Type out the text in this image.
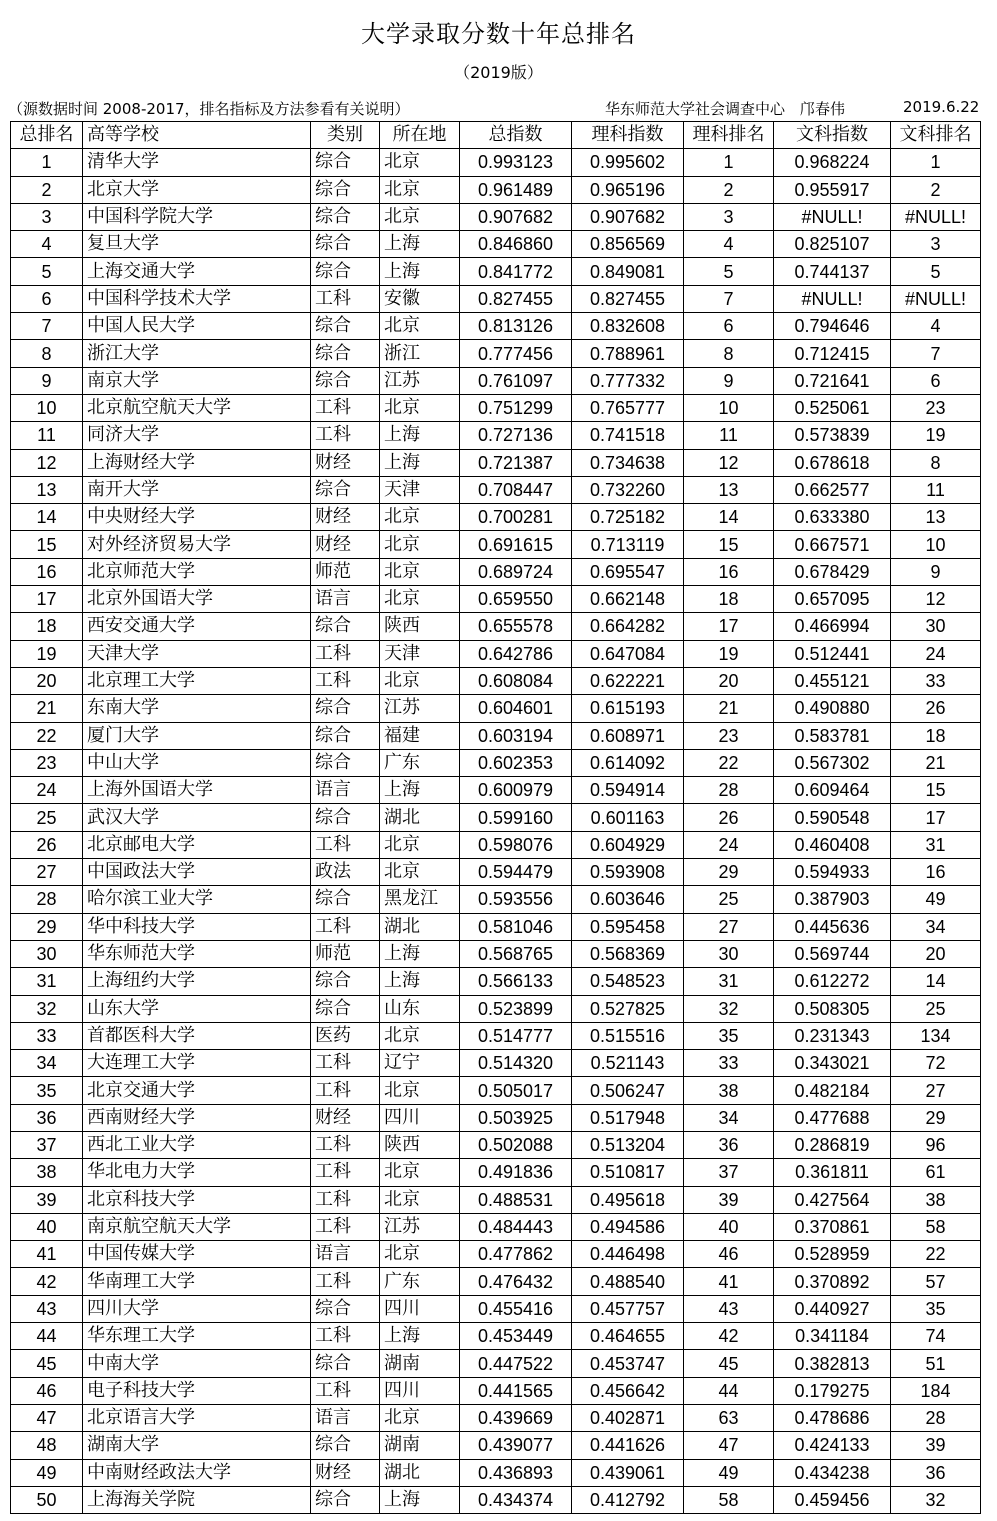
大学录取分数十年总排名
（2019版）
（源数据时间 2008-2017，排名指标及方法参看有关说明）	华东师范大学社会调查中心　邝春伟	2019.6.22
总排名	高等学校	类别	所在地	总指数	理科指数	理科排名	文科指数	文科排名
1	清华大学	综合	北京	0.993123	0.995602	1	0.968224	1
2	北京大学	综合	北京	0.961489	0.965196	2	0.955917	2
3	中国科学院大学	综合	北京	0.907682	0.907682	3	#NULL!	#NULL!
4	复旦大学	综合	上海	0.846860	0.856569	4	0.825107	3
5	上海交通大学	综合	上海	0.841772	0.849081	5	0.744137	5
6	中国科学技术大学	工科	安徽	0.827455	0.827455	7	#NULL!	#NULL!
7	中国人民大学	综合	北京	0.813126	0.832608	6	0.794646	4
8	浙江大学	综合	浙江	0.777456	0.788961	8	0.712415	7
9	南京大学	综合	江苏	0.761097	0.777332	9	0.721641	6
10	北京航空航天大学	工科	北京	0.751299	0.765777	10	0.525061	23
11	同济大学	工科	上海	0.727136	0.741518	11	0.573839	19
12	上海财经大学	财经	上海	0.721387	0.734638	12	0.678618	8
13	南开大学	综合	天津	0.708447	0.732260	13	0.662577	11
14	中央财经大学	财经	北京	0.700281	0.725182	14	0.633380	13
15	对外经济贸易大学	财经	北京	0.691615	0.713119	15	0.667571	10
16	北京师范大学	师范	北京	0.689724	0.695547	16	0.678429	9
17	北京外国语大学	语言	北京	0.659550	0.662148	18	0.657095	12
18	西安交通大学	综合	陕西	0.655578	0.664282	17	0.466994	30
19	天津大学	工科	天津	0.642786	0.647084	19	0.512441	24
20	北京理工大学	工科	北京	0.608084	0.622221	20	0.455121	33
21	东南大学	综合	江苏	0.604601	0.615193	21	0.490880	26
22	厦门大学	综合	福建	0.603194	0.608971	23	0.583781	18
23	中山大学	综合	广东	0.602353	0.614092	22	0.567302	21
24	上海外国语大学	语言	上海	0.600979	0.594914	28	0.609464	15
25	武汉大学	综合	湖北	0.599160	0.601163	26	0.590548	17
26	北京邮电大学	工科	北京	0.598076	0.604929	24	0.460408	31
27	中国政法大学	政法	北京	0.594479	0.593908	29	0.594933	16
28	哈尔滨工业大学	综合	黑龙江	0.593556	0.603646	25	0.387903	49
29	华中科技大学	工科	湖北	0.581046	0.595458	27	0.445636	34
30	华东师范大学	师范	上海	0.568765	0.568369	30	0.569744	20
31	上海纽约大学	综合	上海	0.566133	0.548523	31	0.612272	14
32	山东大学	综合	山东	0.523899	0.527825	32	0.508305	25
33	首都医科大学	医药	北京	0.514777	0.515516	35	0.231343	134
34	大连理工大学	工科	辽宁	0.514320	0.521143	33	0.343021	72
35	北京交通大学	工科	北京	0.505017	0.506247	38	0.482184	27
36	西南财经大学	财经	四川	0.503925	0.517948	34	0.477688	29
37	西北工业大学	工科	陕西	0.502088	0.513204	36	0.286819	96
38	华北电力大学	工科	北京	0.491836	0.510817	37	0.361811	61
39	北京科技大学	工科	北京	0.488531	0.495618	39	0.427564	38
40	南京航空航天大学	工科	江苏	0.484443	0.494586	40	0.370861	58
41	中国传媒大学	语言	北京	0.477862	0.446498	46	0.528959	22
42	华南理工大学	工科	广东	0.476432	0.488540	41	0.370892	57
43	四川大学	综合	四川	0.455416	0.457757	43	0.440927	35
44	华东理工大学	工科	上海	0.453449	0.464655	42	0.341184	74
45	中南大学	综合	湖南	0.447522	0.453747	45	0.382813	51
46	电子科技大学	工科	四川	0.441565	0.456642	44	0.179275	184
47	北京语言大学	语言	北京	0.439669	0.402871	63	0.478686	28
48	湖南大学	综合	湖南	0.439077	0.441626	47	0.424133	39
49	中南财经政法大学	财经	湖北	0.436893	0.439061	49	0.434238	36
50	上海海关学院	综合	上海	0.434374	0.412792	58	0.459456	32
